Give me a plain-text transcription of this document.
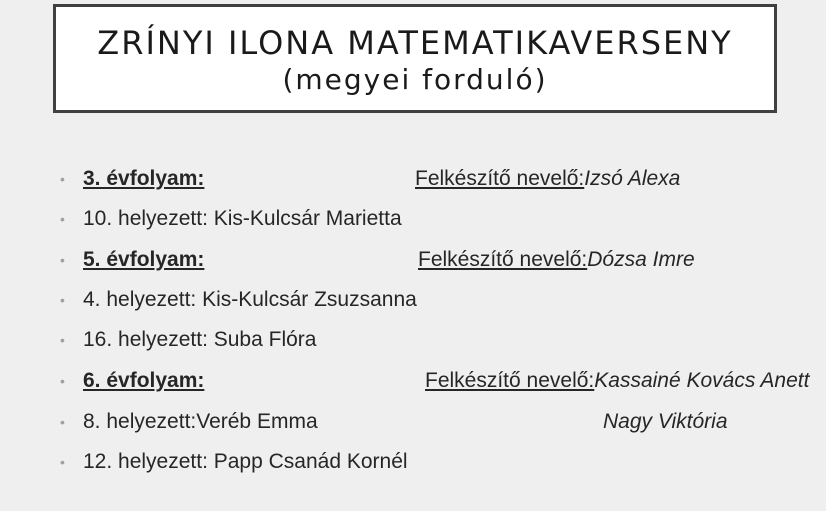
ZRÍNYI ILONA MATEMATIKAVERSENY
(megyei forduló)
• 3. évfolyam:	Felkészítő nevelő:Izsó Alexa
• 10. helyezett: Kis-Kulcsár Marietta
• 5. évfolyam:	Felkészítő nevelő:Dózsa Imre
• 4. helyezett: Kis-Kulcsár Zsuzsanna
• 16. helyezett: Suba Flóra
• 6. évfolyam:	Felkészítő nevelő:Kassainé Kovács Anett
• 8. helyezett:Veréb Emma	Nagy Viktória
• 12. helyezett: Papp Csanád Kornél
